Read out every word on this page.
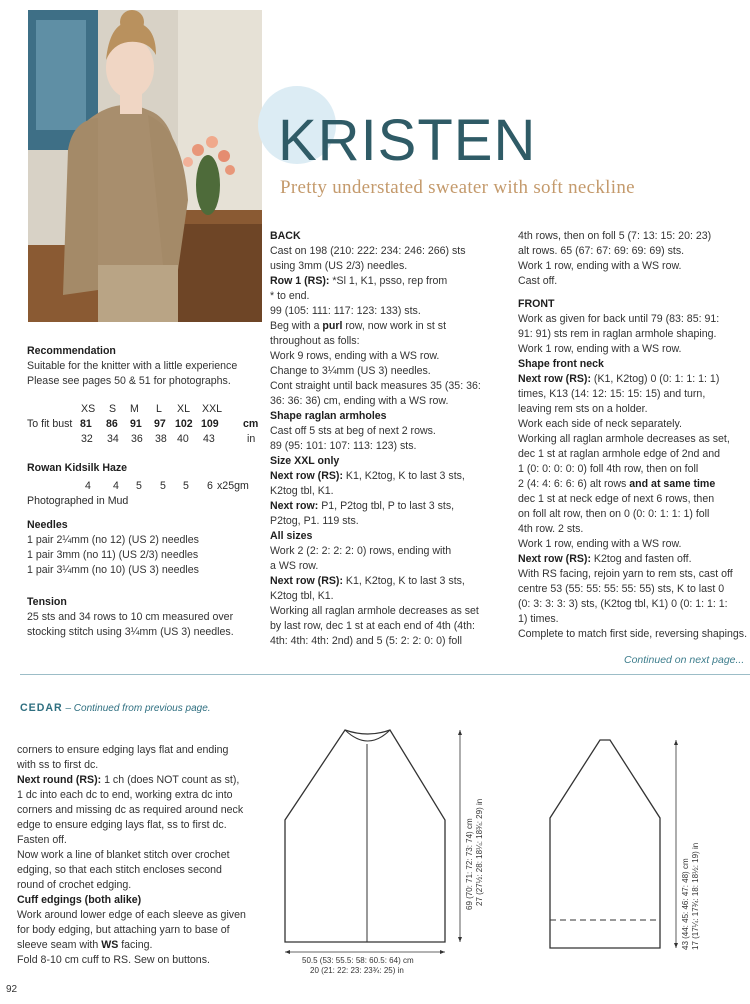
KRISTEN
Pretty understated sweater with soft neckline

Recommendation

Suitable for the knitter with a little experience

Please see pages 50 & 51 for photographs.

XS S M L XL XXL
To fit bust 81 86 91 97 102 109 cm
32 34 36 38 40 43	in
Rowan Kidsilk Haze
4 4 5 5 5 6 x25gm
Photographed in Mud

Needles

1 pair 2¼mm (no 12) (US 2) needles

1 pair 3mm (no 11) (US 2/3) needles

1 pair 3¼mm (no 10) (US 3) needles

Tension

25 sts and 34 rows to 10 cm measured over

stocking stitch using 3¼mm (US 3) needles.

BACK

Cast on 198 (210: 222: 234: 246: 266) sts

using 3mm (US 2/3) needles.

Row 1 (RS): *Sl 1, K1, psso, rep from

* to end.

99 (105: 111: 117: 123: 133) sts.

Beg with a purl row, now work in st st

throughout as folls:

Work 9 rows, ending with a WS row.

Change to 3¼mm (US 3) needles.

Cont straight until back measures 35 (35: 36:

36: 36: 36) cm, ending with a WS row.

Shape raglan armholes

Cast off 5 sts at beg of next 2 rows.

89 (95: 101: 107: 113: 123) sts.

Size XXL only

Next row (RS): K1, K2tog, K to last 3 sts,

K2tog tbl, K1.

Next row: P1, P2tog tbl, P to last 3 sts,

P2tog, P1. 119 sts.

All sizes

Work 2 (2: 2: 2: 2: 0) rows, ending with

a WS row.

Next row (RS): K1, K2tog, K to last 3 sts,

K2tog tbl, K1.

Working all raglan armhole decreases as set

by last row, dec 1 st at each end of 4th (4th:

4th: 4th: 4th: 2nd) and 5 (5: 2: 2: 0: 0) foll

4th rows, then on foll 5 (7: 13: 15: 20: 23)

alt rows. 65 (67: 67: 69: 69: 69) sts.

Work 1 row, ending with a WS row.

Cast off.

FRONT

Work as given for back until 79 (83: 85: 91:

91: 91) sts rem in raglan armhole shaping.

Work 1 row, ending with a WS row.

Shape front neck

Next row (RS): (K1, K2tog) 0 (0: 1: 1: 1: 1)

times, K13 (14: 12: 15: 15: 15) and turn,

leaving rem sts on a holder.

Work each side of neck separately.

Working all raglan armhole decreases as set,

dec 1 st at raglan armhole edge of 2nd and

1 (0: 0: 0: 0: 0) foll 4th row, then on foll

2 (4: 4: 6: 6: 6) alt rows and at same time

dec 1 st at neck edge of next 6 rows, then

on foll alt row, then on 0 (0: 0: 1: 1: 1) foll

4th row. 2 sts.

Work 1 row, ending with a WS row.

Next row (RS): K2tog and fasten off.

With RS facing, rejoin yarn to rem sts, cast off

centre 53 (55: 55: 55: 55: 55) sts, K to last 0

(0: 3: 3: 3: 3) sts, (K2tog tbl, K1) 0 (0: 1: 1: 1:

1) times.

Complete to match first side, reversing shapings.

Continued on next page...
CEDAR – Continued from previous page.

corners to ensure edging lays flat and ending

with ss to first dc.

Next round (RS): 1 ch (does NOT count as st),

1 dc into each dc to end, working extra dc into

corners and missing dc as required around neck

edge to ensure edging lays flat, ss to first dc.

Fasten off.

Now work a line of blanket stitch over crochet

edging, so that each stitch encloses second

round of crochet edging.

Cuff edgings (both alike)

Work around lower edge of each sleeve as given

for body edging, but attaching yarn to base of

sleeve seam with WS facing.

Fold 8-10 cm cuff to RS. Sew on buttons.	50.5 (53: 55.5: 58: 60.5: 64) cm
20 (21: 22: 23: 23¾: 25) in
69 (70: 71: 72: 73: 74) cm 27 (27½: 28: 18¼: 18¾: 29) in	43 (44: 45: 46: 47: 48) cm 17 (17¼: 17¾: 18: 18½: 19) in
92
